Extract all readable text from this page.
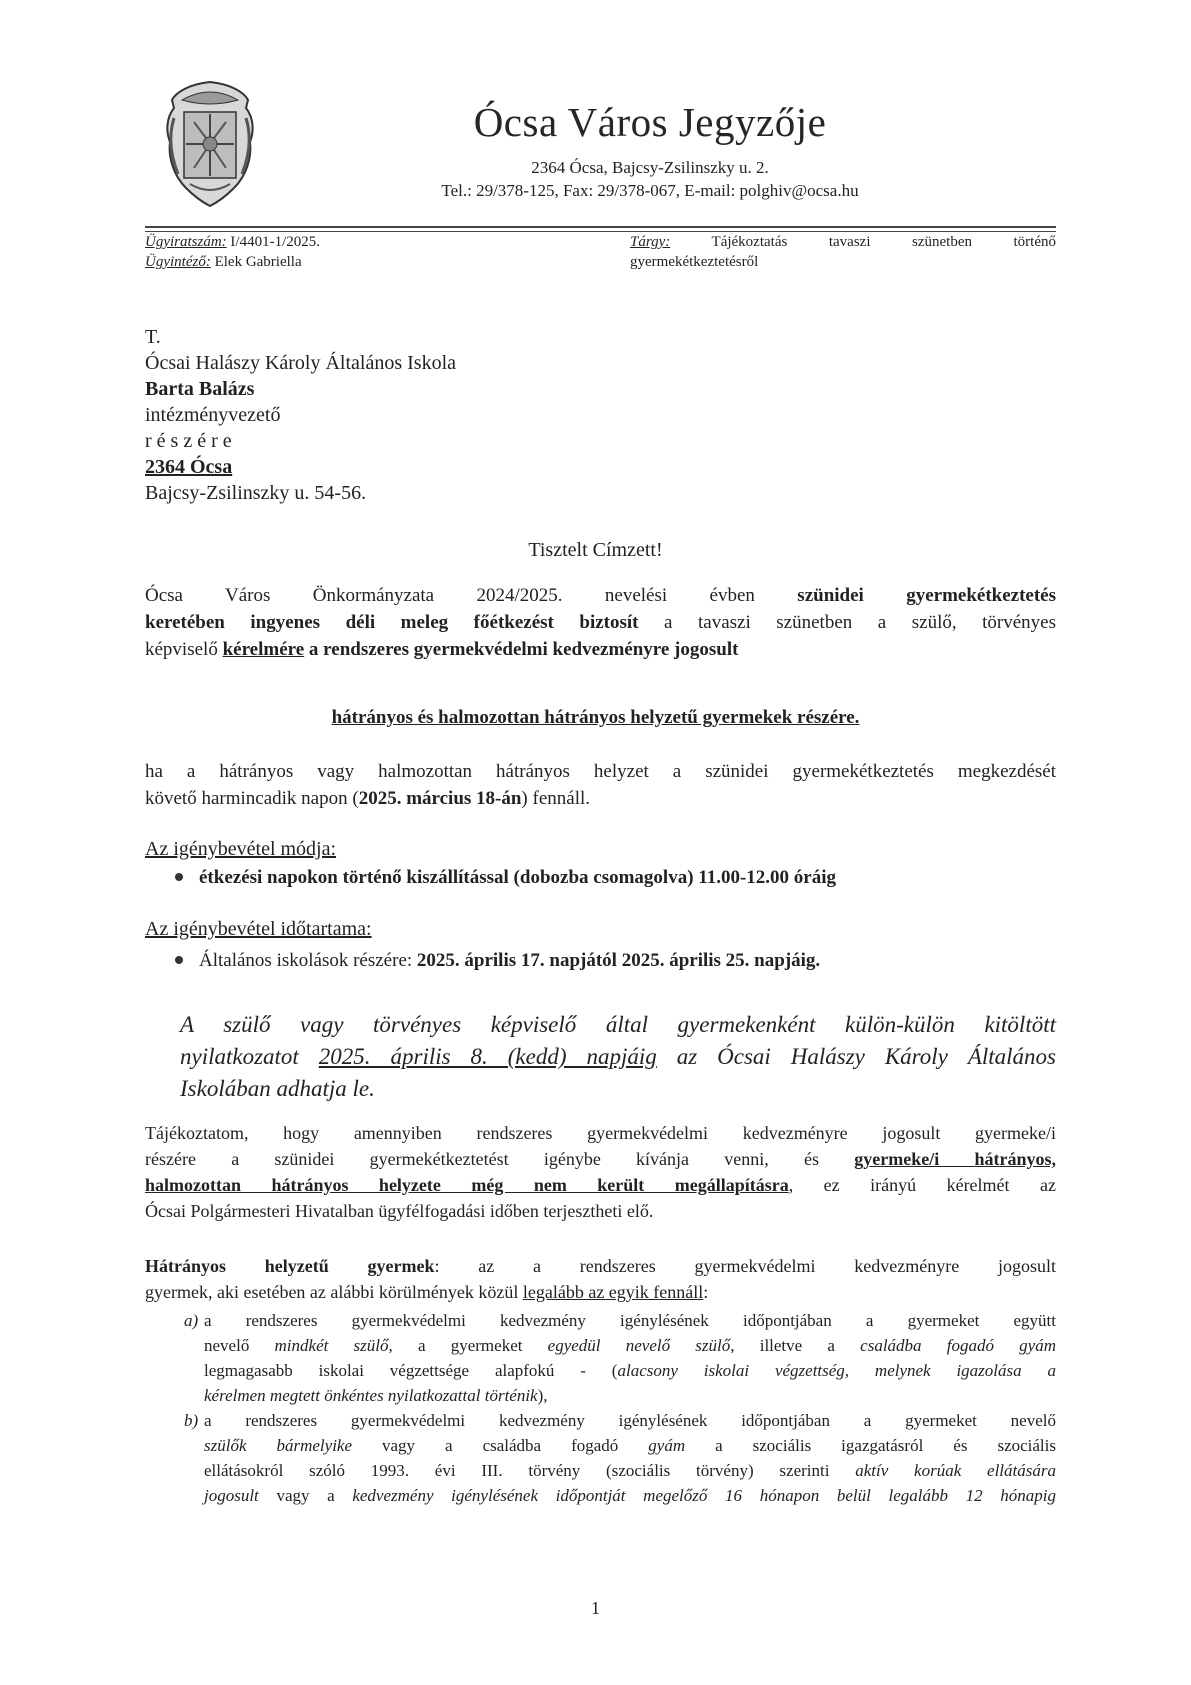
Ócsa Város Jegyzője
2364 Ócsa, Bajcsy-Zsilinszky u. 2.
Tel.: 29/378-125, Fax: 29/378-067, E-mail: polghiv@ocsa.hu
Ügyiratszám: I/4401-1/2025.
Ügyintéző: Elek Gabriella
Tárgy:	Tájékoztatás tavaszi szünetben történő
gyermekétkeztetésről
T.
Ócsai Halászy Károly Általános Iskola
Barta Balázs
intézményvezető
részére
2364 Ócsa
Bajcsy-Zsilinszky u. 54-56.
Tisztelt Címzett!
Ócsa Város Önkormányzata 2024/2025. nevelési évben szünidei gyermekétkeztetés
keretében ingyenes déli meleg főétkezést biztosít a tavaszi szünetben a szülő, törvényes
képviselő kérelmére a rendszeres gyermekvédelmi kedvezményre jogosult
hátrányos és halmozottan hátrányos helyzetű gyermekek részére.
ha a hátrányos vagy halmozottan hátrányos helyzet a szünidei gyermekétkeztetés megkezdését
követő harmincadik napon (2025. március 18-án) fennáll.
Az igénybevétel módja:
étkezési napokon történő kiszállítással (dobozba csomagolva) 11.00-12.00 óráig
Az igénybevétel időtartama:
Általános iskolások részére: 2025. április 17. napjától 2025. április 25. napjáig.
A szülő vagy törvényes képviselő által gyermekenként külön-külön kitöltött
nyilatkozatot 2025. április 8. (kedd) napjáig az Ócsai Halászy Károly Általános
Iskolában adhatja le.
Tájékoztatom, hogy amennyiben rendszeres gyermekvédelmi kedvezményre jogosult gyermeke/i
részére a szünidei gyermekétkeztetést igénybe kívánja venni, és gyermeke/i hátrányos,
halmozottan hátrányos helyzete még nem került megállapításra, ez irányú kérelmét az
Ócsai Polgármesteri Hivatalban ügyfélfogadási időben terjesztheti elő.
Hátrányos helyzetű gyermek: az a rendszeres gyermekvédelmi kedvezményre jogosult
gyermek, aki esetében az alábbi körülmények közül legalább az egyik fennáll:
a) a rendszeres gyermekvédelmi kedvezmény igénylésének időpontjában a gyermeket együtt
nevelő mindkét szülő, a gyermeket egyedül nevelő szülő, illetve a családba fogadó gyám
legmagasabb iskolai végzettsége alapfokú - (alacsony iskolai végzettség, melynek igazolása a
kérelmen megtett önkéntes nyilatkozattal történik),
b) a rendszeres gyermekvédelmi kedvezmény igénylésének időpontjában a gyermeket nevelő
szülők bármelyike vagy a családba fogadó gyám a szociális igazgatásról és szociális
ellátásokról szóló 1993. évi III. törvény (szociális törvény) szerinti aktív korúak ellátására
jogosult vagy a kedvezmény igénylésének időpontját megelőző 16 hónapon belül legalább 12 hónapig
1
